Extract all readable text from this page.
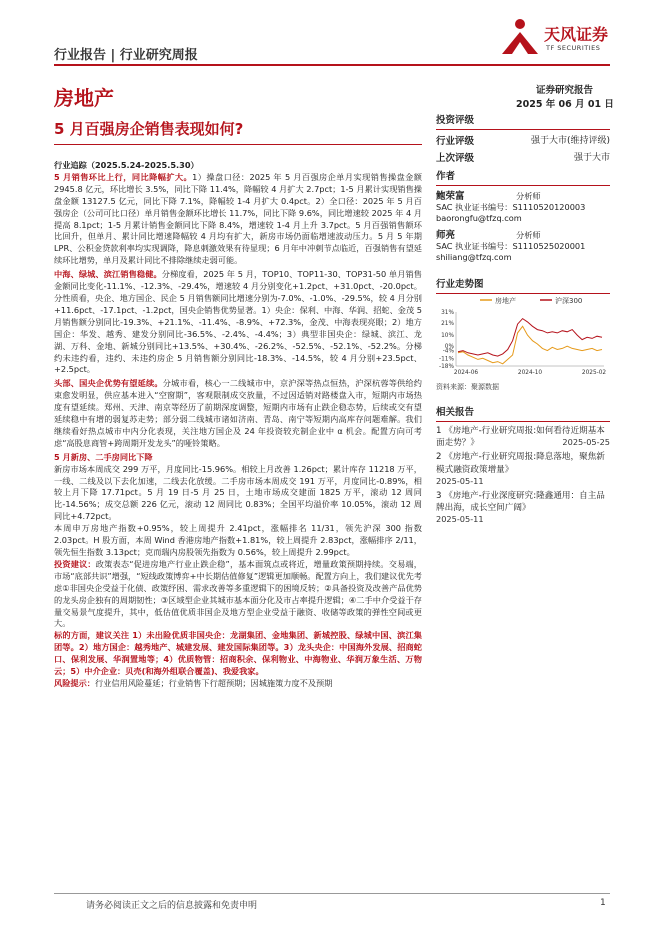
行业报告 | 行业研究周报
天风证券
TF SECURITIES
房地产	证券研究报告
2025 年 06 月 01 日
5 月百强房企销售表现如何?	投资评级
行业评级	强于大市(维持评级)
上次评级	强于大市
作者
鲍荣富	分析师
SAC 执业证书编号：S1110520120003
baorongfu@tfzq.com
师亮	分析师
SAC 执业证书编号：S1110525020001
shiliang@tfzq.com
行业走势图
房地产	沪深300
31%
21%
10%
0%
-4%
-11%
-18%
2024-06	2024-10	2025-02
资料来源：聚源数据
相关报告
1 《房地产-行业研究周报:如何看待近期基本面走势？》	2025-05-25
2 《房地产-行业研究周报:降息落地，聚焦新模式融资政策增量》
2025-05-11
3 《房地产-行业深度研究:隆鑫通用：自主品牌出海，成长空间广阔》
2025-05-11

行业追踪（2025.5.24-2025.5.30）

5 月销售环比上行，同比降幅扩大。1）操盘口径：2025 年 5 月百强房企单月实现销售操盘金额 2945.8 亿元，环比增长 3.5%，同比下降 11.4%，降幅较 4 月扩大 2.7pct；1-5 月累计实现销售操盘金额 13127.5 亿元，同比下降 7.1%，降幅较 1-4 月扩大 0.4pct。2）全口径：2025 年 5 月百强房企（公司可比口径）单月销售金额环比增长 11.7%，同比下降 9.6%，同比增速较 2025 年 4 月提高 8.1pct；1-5 月累计销售金额同比下降 8.4%，增速较 1-4 月上升 3.7pct。5 月百强销售额环比回升，但单月、累计同比增速降幅较 4 月均有扩大，新房市场仍面临增速波动压力。5 月 5 年期 LPR、公积金贷款利率均实现调降，降息刺激效果有待显现；6 月年中冲刺节点临近，百强销售有望延续环比增势，单月及累计同比不排除继续走弱可能。

中海、绿城、滨江销售稳健。分梯度看，2025 年 5 月，TOP10、TOP11-30、TOP31-50 单月销售金额同比变化-11.1%、-12.3%、-29.4%，增速较 4 月分别变化+1.2pct、+31.0pct、-20.0pct。分性质看，央企、地方国企、民企 5 月销售额同比增速分别为-7.0%、-1.0%、-29.5%，较 4 月分别+11.6pct、-17.1pct、-1.2pct，国央企销售优势显著。1）央企：保利、中海、华润、招蛇、金茂 5 月销售额分别同比-19.3%、+21.1%、-11.4%、-8.9%、+72.3%，金茂、中海表现亮眼；2）地方国企：华发、越秀、建发分别同比-36.5%、-2.4%、-4.4%；3）典型非国央企：绿城、滨江、龙湖、万科、金地、新城分别同比+13.5%、+30.4%、-26.2%、-52.5%、-52.1%、-52.2%。分梯约未违约看，违约、未违约房企 5 月销售额分别同比-18.3%、-14.5%，较 4 月分别+23.5pct、+2.5pct。

头部、国央企优势有望延续。分城市看，核心一二线城市中，京沪深等热点恒热，沪深杭蓉等供给约束愈发明显，供应基本进入“空窗期”，客观限制成交放量，不过因适销对路楼盘入市，短期内市场热度有望延续。郑州、天津、南京等经历了前期深度调整，短期内市场有止跌企稳态势，后续或交有望延续稳中有增的弱复苏走势；部分弱二线城市诸如济南、青岛、南宁等短期内高库存问题难解。我们继续看好热点城市中内分化表现，关注地方国企及 24 年投资较充制企业中 α 机会。配置方向可考虑“高股息商管+跨周期开发龙头”的哑铃策略。

5 月新房、二手房同比下降

新房市场本周成交 299 万平，月度同比-15.96%。相较上月改善 1.26pct；累计库存 11218 万平，一线、二线及以下去化加速，二线去化放缓。二手房市场本周成交 191 万平，月度同比-0.89%，相较上月下降 17.71pct。5 月 19 日-5 月 25 日，土地市场成交建面 1825 万平，滚动 12 周同比-14.56%；成交总额 226 亿元，滚动 12 周同比 0.83%；全国平均溢价率 10.05%，滚动 12 周同比+4.72pct。

本周申万房地产指数+0.95%，较上周提升 2.41pct，涨幅排名 11/31，领先沪深 300 指数 2.03pct。H 股方面，本周 Wind 香港房地产指数+1.81%，较上周提升 2.83pct，涨幅排序 2/11，领先恒生指数 3.13pct；克而瑞内房股领先指数为 0.56%，较上周提升 2.99pct。

投资建议：政策表态“促进房地产行业止跌企稳”，基本面筑点或将近，增量政策预期持续。交易端，市场“底部共识”增强，“短线政策博弈+中长期估值修复”逻辑更加顺畅。配置方向上，我们建议优先考虑①非国央企受益于化债、政策纾困、需求改善等多重逻辑下的困境反转；②具备投资及改善产品优势的龙头房企独有的周期韧性；③区域型企业其城市基本面分化及市占率提升逻辑；④二手中介受益于存量交易景气度提升，其中，低估值优质非国企及地方型企业受益于融资、收储等政策的弹性空间或更大。

标的方面，建议关注 1）未出险优质非国央企：龙湖集团、金地集团、新城控股、绿城中国、滨江集团等。2）地方国企：越秀地产、城建发展、建发国际集团等。3）龙头央企：中国海外发展、招商蛇口、保利发展、华润置地等；4）优质物管：招商积余、保利物业、中海物业、华润万象生活、万物云；5）中介企业：贝壳(和海外组联合覆盖)、我爱我家。

风险提示：行业信用风险蔓延；行业销售下行超预期；因城施策力度不及预期

请务必阅读正文之后的信息披露和免责申明	1
